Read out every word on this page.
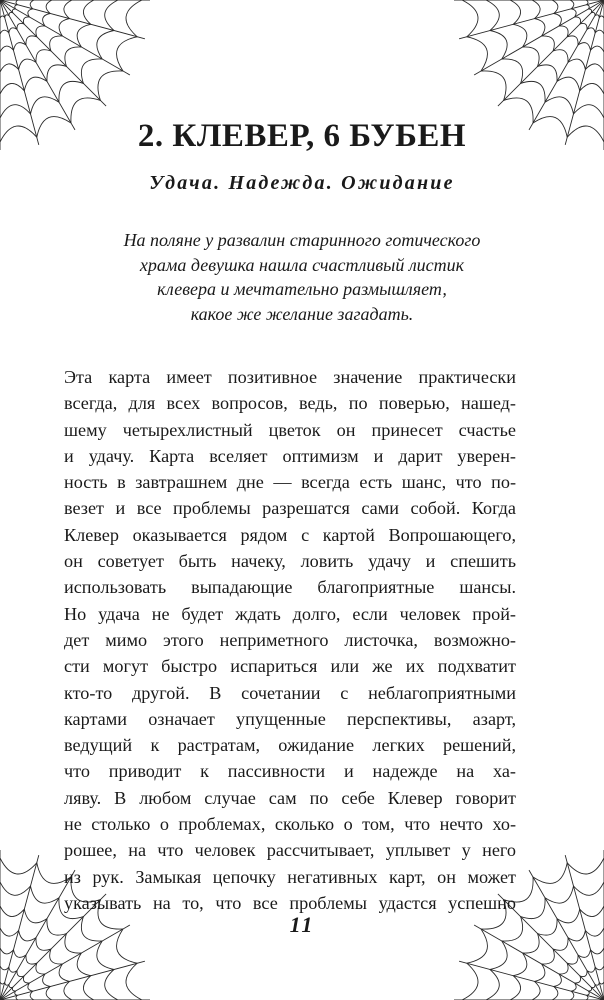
2. КЛЕВЕР, 6 БУБЕН
Удача. Надежда. Ожидание
На поляне у развалин старинного готического
храма девушка нашла счастливый листик
клевера и мечтательно размышляет,
какое же желание загадать.
Эта карта имеет позитивное значение практически
всегда, для всех вопросов, ведь, по поверью, нашед-
шему четырехлистный цветок он принесет счастье
и удачу. Карта вселяет оптимизм и дарит уверен-
ность в завтрашнем дне — всегда есть шанс, что по-
везет и все проблемы разрешатся сами собой. Когда
Клевер оказывается рядом с картой Вопрошающего,
он советует быть начеку, ловить удачу и спешить
использовать выпадающие благоприятные шансы.
Но удача не будет ждать долго, если человек прой-
дет мимо этого неприметного листочка, возможно-
сти могут быстро испариться или же их подхватит
кто-то другой. В сочетании с неблагоприятными
картами означает упущенные перспективы, азарт,
ведущий к растратам, ожидание легких решений,
что приводит к пассивности и надежде на ха-
ляву. В любом случае сам по себе Клевер говорит
не столько о проблемах, сколько о том, что нечто хо-
рошее, на что человек рассчитывает, уплывет у него
из рук. Замыкая цепочку негативных карт, он может
указывать на то, что все проблемы удастся успешно
11
